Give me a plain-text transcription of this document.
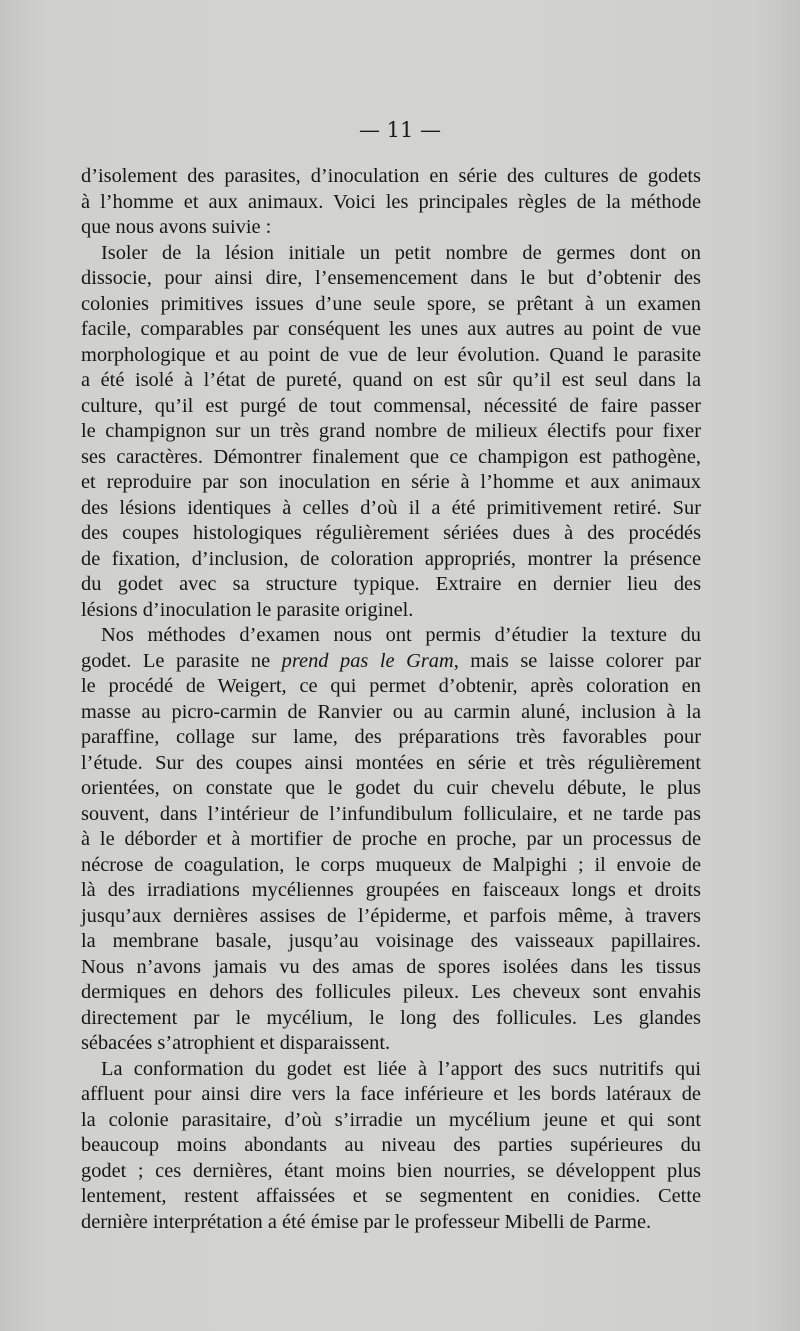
— 11 —

d’isolement des parasites, d’inoculation en série des cultures de godets
à l’homme et aux animaux. Voici les principales règles de la méthode
que nous avons suivie :

Isoler de la lésion initiale un petit nombre de germes dont on
dissocie, pour ainsi dire, l’ensemencement dans le but d’obtenir des
colonies primitives issues d’une seule spore, se prêtant à un examen
facile, comparables par conséquent les unes aux autres au point de vue
morphologique et au point de vue de leur évolution. Quand le parasite
a été isolé à l’état de pureté, quand on est sûr qu’il est seul dans la
culture, qu’il est purgé de tout commensal, nécessité de faire passer
le champignon sur un très grand nombre de milieux électifs pour fixer
ses caractères. Démontrer finalement que ce champigon est pathogène,
et reproduire par son inoculation en série à l’homme et aux animaux
des lésions identiques à celles d’où il a été primitivement retiré. Sur
des coupes histologiques régulièrement sériées dues à des procédés
de fixation, d’inclusion, de coloration appropriés, montrer la présence
du godet avec sa structure typique. Extraire en dernier lieu des
lésions d’inoculation le parasite originel.

Nos méthodes d’examen nous ont permis d’étudier la texture du
godet. Le parasite ne prend pas le Gram, mais se laisse colorer par
le procédé de Weigert, ce qui permet d’obtenir, après coloration en
masse au picro-carmin de Ranvier ou au carmin aluné, inclusion à la
paraffine, collage sur lame, des préparations très favorables pour
l’étude. Sur des coupes ainsi montées en série et très régulièrement
orientées, on constate que le godet du cuir chevelu débute, le plus
souvent, dans l’intérieur de l’infundibulum folliculaire, et ne tarde pas
à le déborder et à mortifier de proche en proche, par un processus de
nécrose de coagulation, le corps muqueux de Malpighi ; il envoie de
là des irradiations mycéliennes groupées en faisceaux longs et droits
jusqu’aux dernières assises de l’épiderme, et parfois même, à travers
la membrane basale, jusqu’au voisinage des vaisseaux papillaires.
Nous n’avons jamais vu des amas de spores isolées dans les tissus
dermiques en dehors des follicules pileux. Les cheveux sont envahis
directement par le mycélium, le long des follicules. Les glandes
sébacées s’atrophient et disparaissent.

La conformation du godet est liée à l’apport des sucs nutritifs qui
affluent pour ainsi dire vers la face inférieure et les bords latéraux de
la colonie parasitaire, d’où s’irradie un mycélium jeune et qui sont
beaucoup moins abondants au niveau des parties supérieures du
godet ; ces dernières, étant moins bien nourries, se développent plus
lentement, restent affaissées et se segmentent en conidies. Cette
dernière interprétation a été émise par le professeur Mibelli de Parme.
